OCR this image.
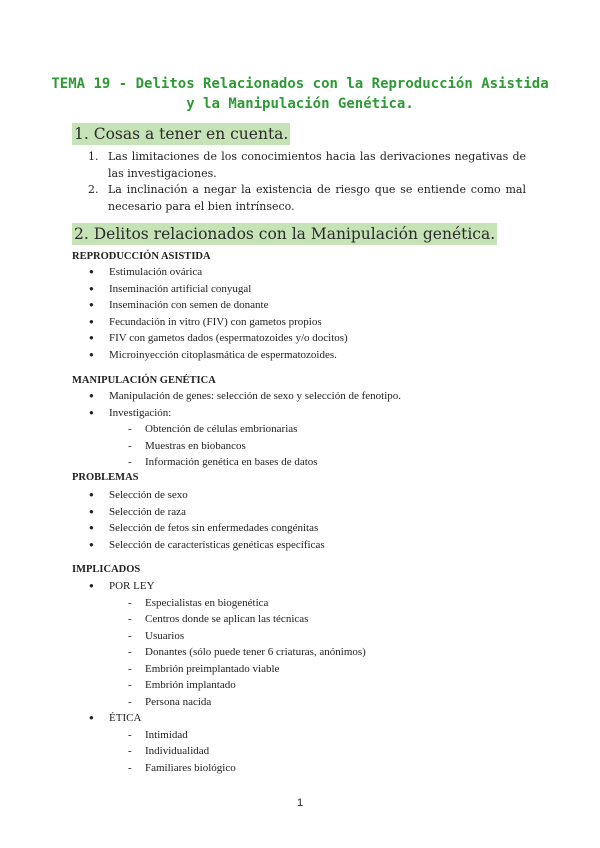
TEMA 19 - Delitos Relacionados con la Reproducción Asistida
y la Manipulación Genética.
1. Cosas a tener en cuenta.
1. Las limitaciones de los conocimientos hacia las derivaciones negativas de las investigaciones.
2. La inclinación a negar la existencia de riesgo que se entiende como mal necesario para el bien intrínseco.
2. Delitos relacionados con la Manipulación genética.
REPRODUCCIÓN ASISTIDA
● Estimulación ovárica
● Inseminación artificial conyugal
● Inseminación con semen de donante
● Fecundación in vitro (FIV) con gametos propios
● FIV con gametos dados (espermatozoides y/o docitos)
● Microinyección citoplasmática de espermatozoides.
MANIPULACIÓN GENÉTICA
● Manipulación de genes: selección de sexo y selección de fenotipo.
● Investigación:
- Obtención de células embrionarias
- Muestras en biobancos
- Información genética en bases de datos
PROBLEMAS
● Selección de sexo
● Selección de raza
● Selección de fetos sin enfermedades congénitas
● Selección de características genéticas específicas
IMPLICADOS
● POR LEY
- Especialistas en biogenética
- Centros donde se aplican las técnicas
- Usuarios
- Donantes (sólo puede tener 6 criaturas, anónimos)
- Embrión preimplantado viable
- Embrión implantado
- Persona nacida
● ÉTICA
- Intimidad
- Individualidad
- Familiares biológico
1
